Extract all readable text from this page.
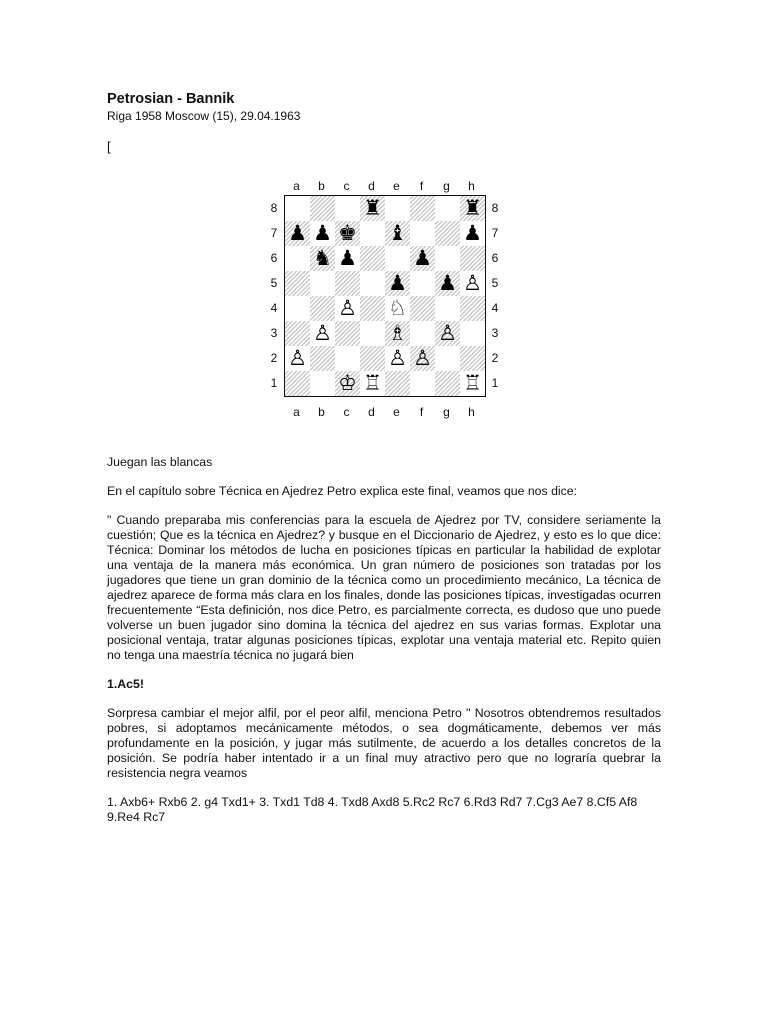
Petrosian - Bannik
Riga 1958 Moscow (15), 29.04.1963
[
a	b	c	d	e	f	g	h
8
7
6
5
4
3
2
1
♜	♜
♟ ♟ ♚ ♝	♟
♞ ♟	♟
♟ ♟ ♙
♙ ♘
♙	♗ ♙
♙	♙ ♙
♔ ♖	♖
8
7
6
5
4
3
2
1
a	b	c	d	e	f	g	h

Juegan las blancas

En el capítulo sobre Técnica en Ajedrez Petro explica este final, veamos que nos dice:

" Cuando preparaba mis conferencias para la escuela de Ajedrez por TV, considere seriamente la cuestión; Que es la técnica en Ajedrez? y busque en el Diccionario de Ajedrez, y esto es lo que dice: Técnica: Dominar los métodos de lucha en posiciones típicas en particular la habilidad de explotar una ventaja de la manera más económica. Un gran número de posiciones son tratadas por los jugadores que tiene un gran dominio de la técnica como un procedimiento mecánico, La técnica de ajedrez aparece de forma más clara en los finales, donde las posiciones típicas, investigadas ocurren frecuentemente “Esta definición, nos dice Petro, es parcialmente correcta, es dudoso que uno puede volverse un buen jugador sino domina la técnica del ajedrez en sus varias formas. Explotar una posicional ventaja, tratar algunas posiciones típicas, explotar una ventaja material etc. Repito quien no tenga una maestría técnica no jugará bien

1.Ac5!

Sorpresa cambiar el mejor alfil, por el peor alfil, menciona Petro " Nosotros obtendremos resultados pobres, si adoptamos mecánicamente métodos, o sea dogmáticamente, debemos ver más profundamente en la posición, y jugar más sutilmente, de acuerdo a los detalles concretos de la posición. Se podría haber intentado ir a un final muy atractivo pero que no lograría quebrar la resistencia negra veamos

1. Axb6+ Rxb6 2. g4 Txd1+ 3. Txd1 Td8 4. Txd8 Axd8 5.Rc2 Rc7 6.Rd3 Rd7 7.Cg3 Ae7 8.Cf5 Af8 9.Re4 Rc7
